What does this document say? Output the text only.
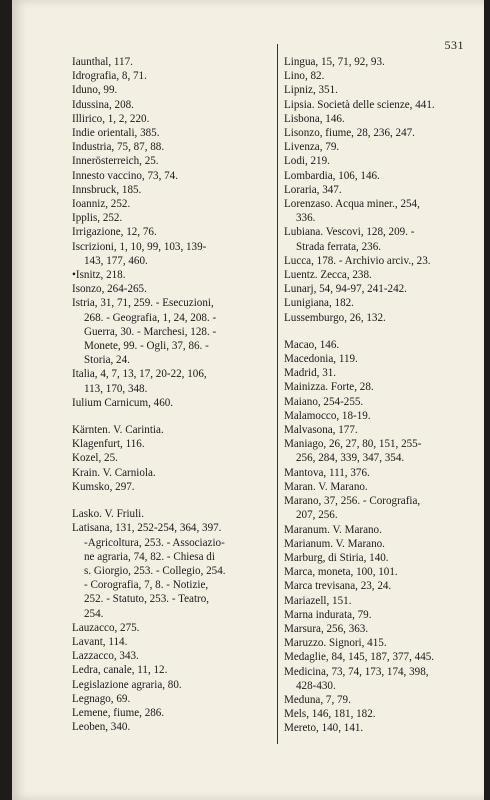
531

Iaunthal, 117.

Idrografia, 8, 71.

Iduno, 99.

Idussina, 208.

Illirico, 1, 2, 220.

Indie orientali, 385.

Industria, 75, 87, 88.

Innerösterreich, 25.

Innesto vaccino, 73, 74.

Innsbruck, 185.

Ioanniz, 252.

Ipplis, 252.

Irrigazione, 12, 76.

Iscrizioni, 1, 10, 99, 103, 139-

143, 177, 460.

•Isnitz, 218.

Isonzo, 264-265.

Istria, 31, 71, 259. - Esecuzioni,

268. - Geografia, 1, 24, 208. -

Guerra, 30. - Marchesi, 128. -

Monete, 99. - Ogli, 37, 86. -

Storia, 24.

Italia, 4, 7, 13, 17, 20-22, 106,

113, 170, 348.

Iulium Carnicum, 460.

Kärnten. V. Carintia.

Klagenfurt, 116.

Kozel, 25.

Krain. V. Carniola.

Kumsko, 297.

Lasko. V. Friuli.

Latisana, 131, 252-254, 364, 397.

-Agricoltura, 253. - Associazio-

ne agraria, 74, 82. - Chiesa di

s. Giorgio, 253. - Collegio, 254.

- Corografia, 7, 8. - Notizie,

252. - Statuto, 253. - Teatro,

254.

Lauzacco, 275.

Lavant, 114.

Lazzacco, 343.

Ledra, canale, 11, 12.

Legislazione agraria, 80.

Legnago, 69.

Lemene, fiume, 286.

Leoben, 340.

Lingua, 15, 71, 92, 93.

Lino, 82.

Lipniz, 351.

Lipsia. Società delle scienze, 441.

Lisbona, 146.

Lisonzo, fiume, 28, 236, 247.

Livenza, 79.

Lodi, 219.

Lombardia, 106, 146.

Loraria, 347.

Lorenzaso. Acqua miner., 254,

336.

Lubiana. Vescovi, 128, 209. -

Strada ferrata, 236.

Lucca, 178. - Archivio arciv., 23.

Luentz. Zecca, 238.

Lunarj, 54, 94-97, 241-242.

Lunigiana, 182.

Lussemburgo, 26, 132.

Macao, 146.

Macedonia, 119.

Madrid, 31.

Mainizza. Forte, 28.

Maiano, 254-255.

Malamocco, 18-19.

Malvasona, 177.

Maniago, 26, 27, 80, 151, 255-

256, 284, 339, 347, 354.

Mantova, 111, 376.

Maran. V. Marano.

Marano, 37, 256. - Corografia,

207, 256.

Maranum. V. Marano.

Marianum. V. Marano.

Marburg, di Stiria, 140.

Marca, moneta, 100, 101.

Marca trevisana, 23, 24.

Mariazell, 151.

Marna indurata, 79.

Marsura, 256, 363.

Maruzzo. Signori, 415.

Medaglie, 84, 145, 187, 377, 445.

Medicina, 73, 74, 173, 174, 398,

428-430.

Meduna, 7, 79.

Mels, 146, 181, 182.

Mereto, 140, 141.
